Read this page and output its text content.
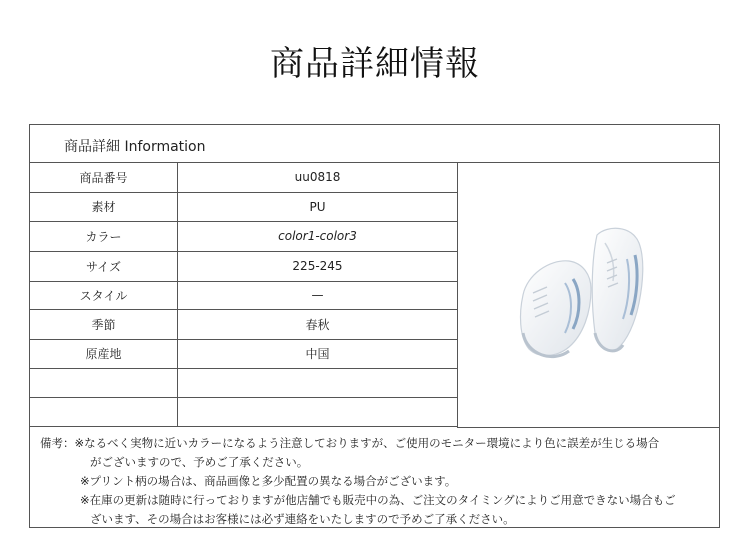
商品詳細情報
商品詳細 Information
商品番号	uu0818
素材	PU
カラー	color1-color3
サイズ	225-245
スタイル	—
季節	春秋
原産地	中国

備考：※なるべく実物に近いカラーになるよう注意しておりますが、ご使用のモニター環境により色に誤差が生じる場合
がございますので、予めご了承ください。
※プリント柄の場合は、商品画像と多少配置の異なる場合がございます。
※在庫の更新は随時に行っておりますが他店舗でも販売中の為、ご注文のタイミングによりご用意できない場合もご
ざいます、その場合はお客様には必ず連絡をいたしますので予めご了承ください。
